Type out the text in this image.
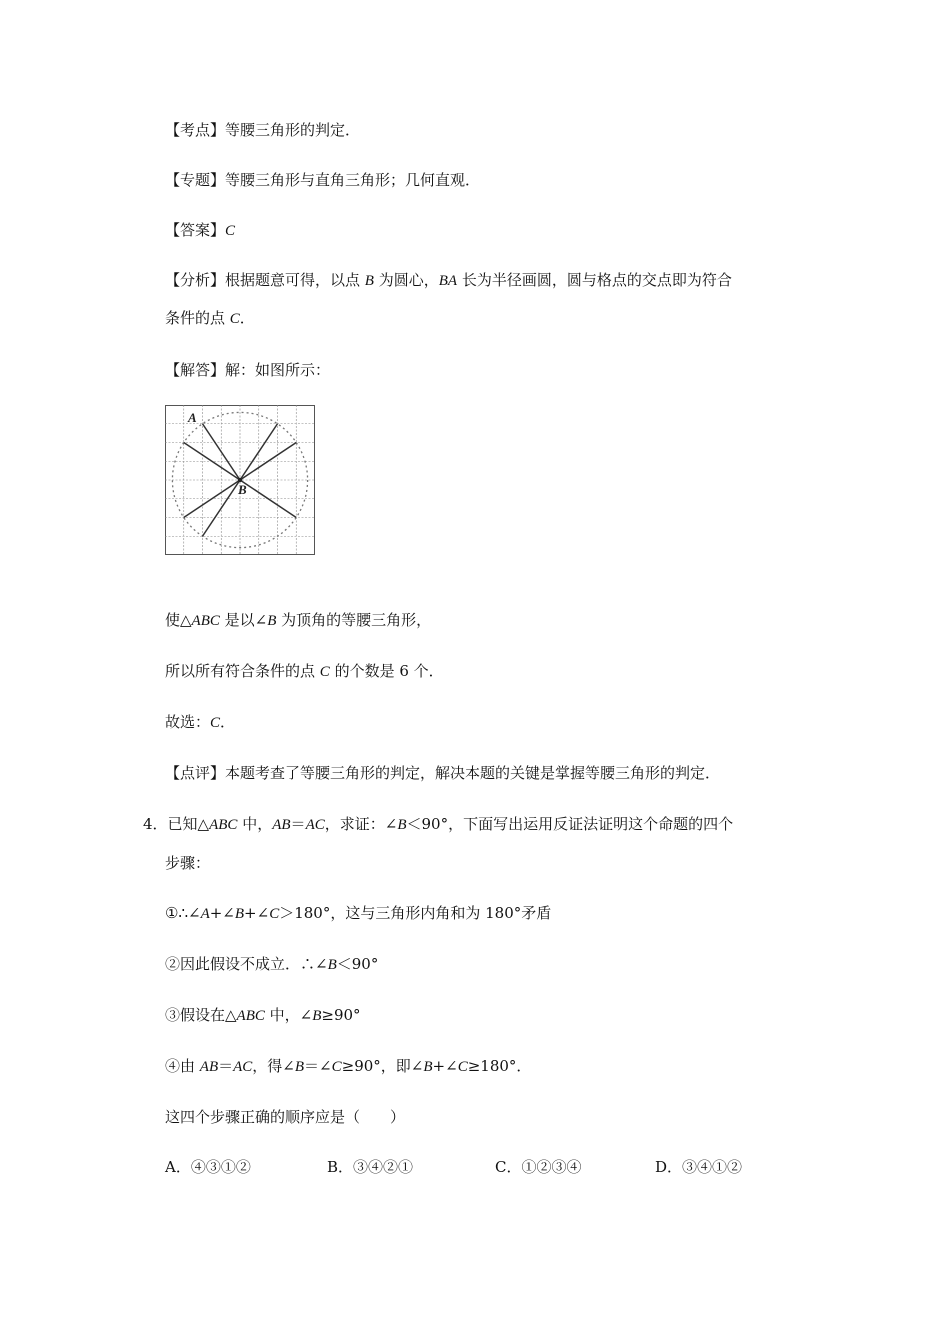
【考点】等腰三角形的判定．
【专题】等腰三角形与直角三角形；几何直观．
【答案】C
【分析】根据题意可得，以点 B 为圆心，BA 长为半径画圆，圆与格点的交点即为符合
条件的点 C．
【解答】解：如图所示：
A
B
使△ABC 是以∠B 为顶角的等腰三角形，
所以所有符合条件的点 C 的个数是 6 个．
故选：C．
【点评】本题考查了等腰三角形的判定，解决本题的关键是掌握等腰三角形的判定．
4．已知△ABC 中，AB＝AC，求证：∠B＜90°，下面写出运用反证法证明这个命题的四个
步骤：
①∴∠A+∠B+∠C＞180°，这与三角形内角和为 180°矛盾
②因此假设不成立．∴∠B＜90°
③假设在△ABC 中，∠B≥90°
④由 AB＝AC，得∠B＝∠C≥90°，即∠B+∠C≥180°．
这四个步骤正确的顺序应是（　　）
A．④③①②	B．③④②①	C．①②③④	D．③④①②
